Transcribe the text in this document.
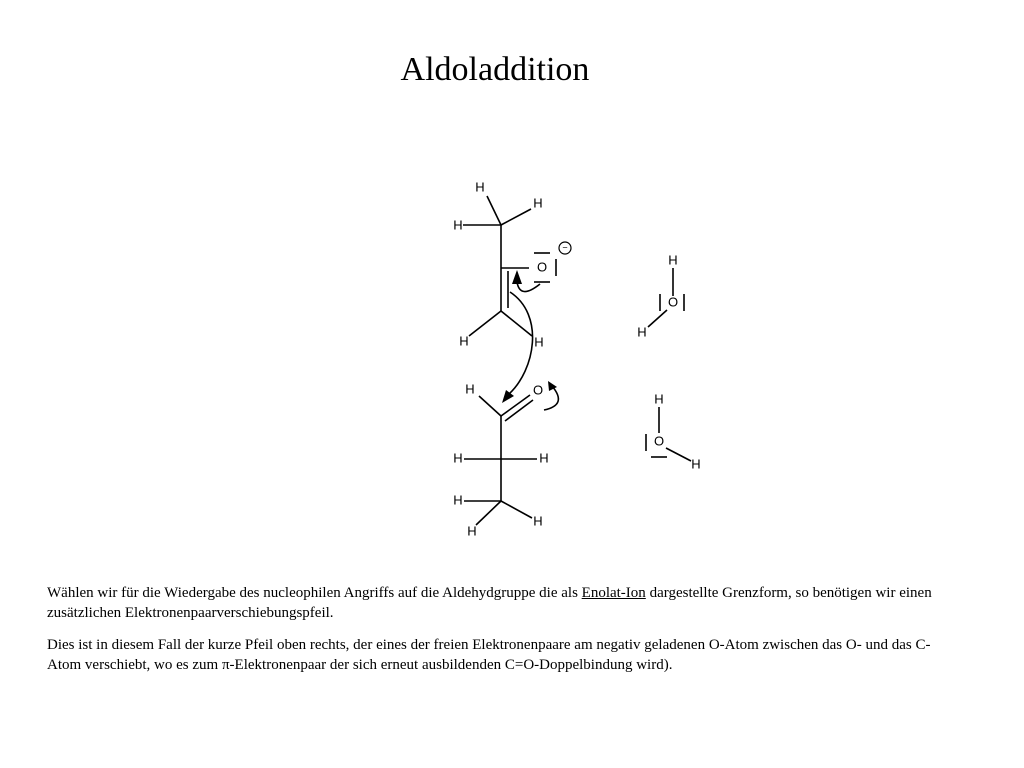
Aldoladdition
H
H
H
O
H	H
−
H	O
H	H
H
H
H
H
O
H
H
O
H

Wählen wir für die Wiedergabe des nucleophilen Angriffs auf die Aldehydgruppe die als Enolat-Ion dargestellte Grenzform, so benötigen wir einen zusätzlichen Elektronenpaarverschiebungspfeil.

Dies ist in diesem Fall der kurze Pfeil oben rechts, der eines der freien Elektronenpaare am negativ geladenen O-Atom zwischen das O- und das C-Atom verschiebt, wo es zum π-Elektronenpaar der sich erneut ausbildenden C=O-Doppelbindung wird).
